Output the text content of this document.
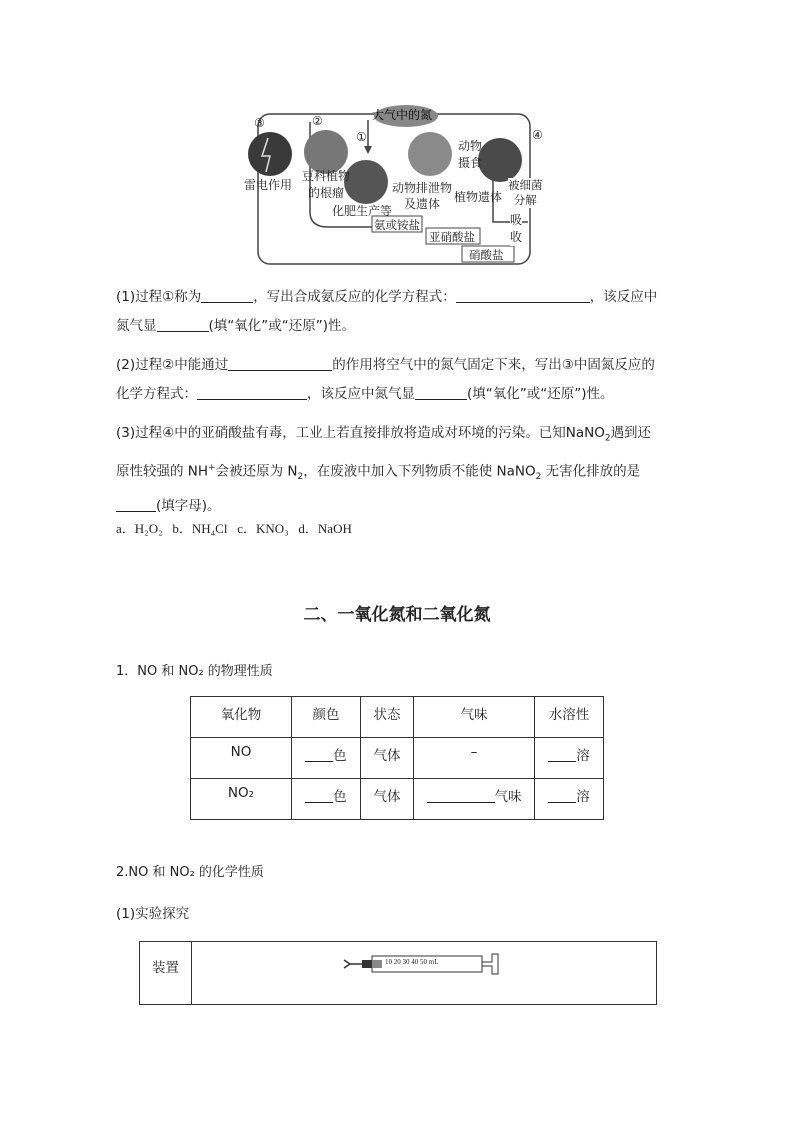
大气中的氮
③	②
①	④
雷电作用
豆科植物
的根瘤
化肥生产等
动物
摄食
动物排泄物
及遗体	植物遗体
被细菌
分解
吸
收
氨或铵盐
亚硝酸盐
硝酸盐
(1)过程①称为	，写出合成氨反应的化学方程式：	，该反应中
氮气显	(填“氧化”或“还原”)性。
(2)过程②中能通过	的作用将空气中的氮气固定下来，写出③中固氮反应的
化学方程式：	，该反应中氮气显	(填“氧化”或“还原”)性。
(3)过程④中的亚硝酸盐有毒，工业上若直接排放将造成对环境的污染。已知NaNO$_2$遇到还
原性较强的 NH+会被还原为 $N_2$，在废液中加入下列物质不能使 NaNO$_2$ 无害化排放的是
(填字母)。
a．H₂O₂   b．NH₄Cl   c．KNO₃   d．NaOH
二、一氧化氮和二氧化氮
1．NO 和 NO₂ 的物理性质
氧化物	颜色	状态	气味	水溶性
NO	色	气体	–	溶
NO₂	色	气体	气味	溶
2.NO 和 NO₂ 的化学性质
(1)实验探究
装置	10 20 30 40 50 mL
